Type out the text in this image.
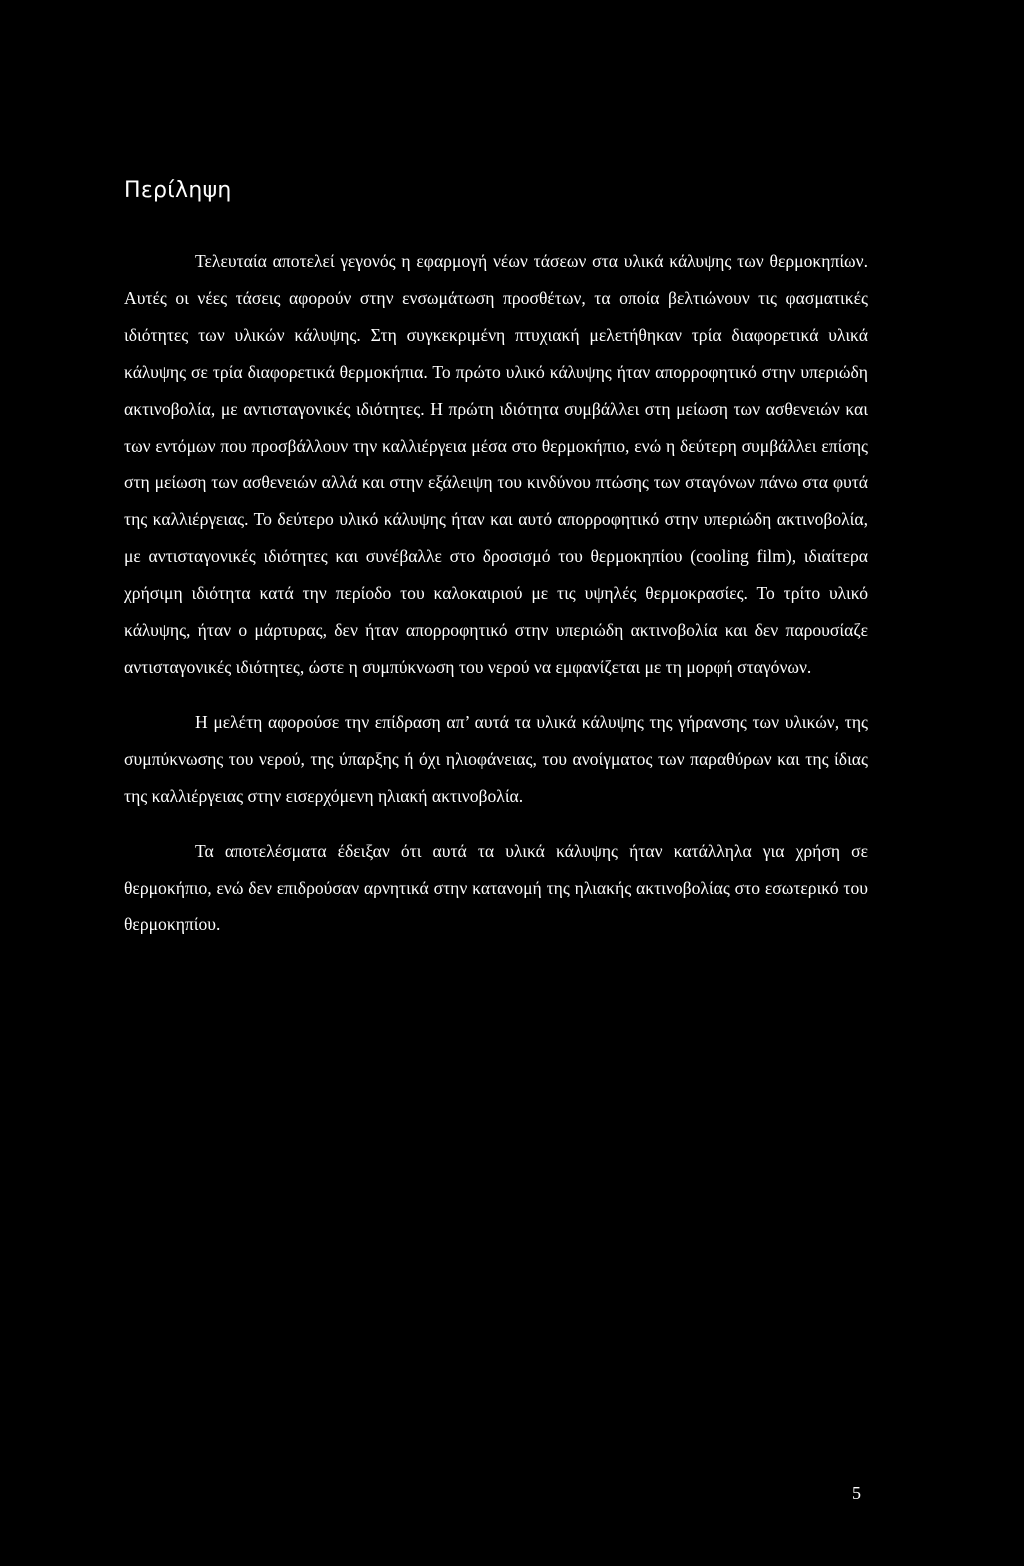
Περίληψη

Τελευταία αποτελεί γεγονός η εφαρμογή νέων τάσεων στα υλικά κάλυψης των θερμοκηπίων. Αυτές οι νέες τάσεις αφορούν στην ενσωμάτωση προσθέτων, τα οποία βελτιώνουν τις φασματικές ιδιότητες των υλικών κάλυψης. Στη συγκεκριμένη πτυχιακή μελετήθηκαν τρία διαφορετικά υλικά κάλυψης σε τρία διαφορετικά θερμοκήπια. Το πρώτο υλικό κάλυψης ήταν απορροφητικό στην υπεριώδη ακτινοβολία, με αντισταγονικές ιδιότητες. Η πρώτη ιδιότητα συμβάλλει στη μείωση των ασθενειών και των εντόμων που προσβάλλουν την καλλιέργεια μέσα στο θερμοκήπιο, ενώ η δεύτερη συμβάλλει επίσης στη μείωση των ασθενειών αλλά και στην εξάλειψη του κινδύνου πτώσης των σταγόνων πάνω στα φυτά της καλλιέργειας. Το δεύτερο υλικό κάλυψης ήταν και αυτό απορροφητικό στην υπεριώδη ακτινοβολία, με αντισταγονικές ιδιότητες και συνέβαλλε στο δροσισμό του θερμοκηπίου (cooling film), ιδιαίτερα χρήσιμη ιδιότητα κατά την περίοδο του καλοκαιριού με τις υψηλές θερμοκρασίες. Το τρίτο υλικό κάλυψης, ήταν ο μάρτυρας, δεν ήταν απορροφητικό στην υπεριώδη ακτινοβολία και δεν παρουσίαζε αντισταγονικές ιδιότητες, ώστε η συμπύκνωση του νερού να εμφανίζεται με τη μορφή σταγόνων.

Η μελέτη αφορούσε την επίδραση απ’ αυτά τα υλικά κάλυψης της γήρανσης των υλικών, της συμπύκνωσης του νερού, της ύπαρξης ή όχι ηλιοφάνειας, του ανοίγματος των παραθύρων και της ίδιας της καλλιέργειας στην εισερχόμενη ηλιακή ακτινοβολία.

Τα αποτελέσματα έδειξαν ότι αυτά τα υλικά κάλυψης ήταν κατάλληλα για χρήση σε θερμοκήπιο, ενώ δεν επιδρούσαν αρνητικά στην κατανομή της ηλιακής ακτινοβολίας στο εσωτερικό του θερμοκηπίου.

5
